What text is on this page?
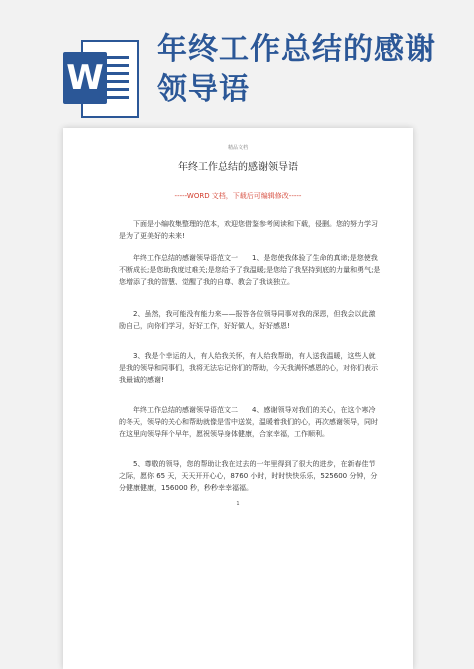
W
年终工作总结的感谢领导语
精品文档
年终工作总结的感谢领导语
-----WORD 文档，下载后可编辑修改-----

下面是小编收集整理的范本，欢迎您借鉴参考阅读和下载，侵删。您的努力学习是为了更美好的未来!

年终工作总结的感谢领导语范文一　　1、是您使我体验了生命的真谛;是您使我不断成长;是您助我度过难关;是您给予了我温暖;是您给了我坚持到底的力量和勇气;是您增添了我的智慧、觉醒了我的自尊、教会了我谈独立。

2、虽然，我可能没有能力来——报答各位领导同事对我的深恩，但我会以此激励自己，向你们学习，好好工作，好好做人，好好感恩!

3、我是个幸运的人，有人给我关怀，有人给我帮助，有人送我温暖，这些人就是我的领导和同事们，我将无法忘记你们的帮助，今天我满怀感恩的心，对你们表示我最诚的感谢!

年终工作总结的感谢领导语范文二　　4、感谢领导对我们的关心，在这个寒冷的冬天，领导的关心和帮助就像是雪中送炭，温暖着我们的心，再次感谢领导，同时在这里向领导拜个早年，愿祝领导身体健康，合家幸福，工作顺利。

5、尊敬的领导，您的帮助让我在过去的一年里得到了很大的进步，在新春佳节之际，愿你 65 天，天天开开心心，8760 小时，时时快快乐乐，525600 分钟，分分健康健康，156000 秒，秒秒幸幸福福。

1
